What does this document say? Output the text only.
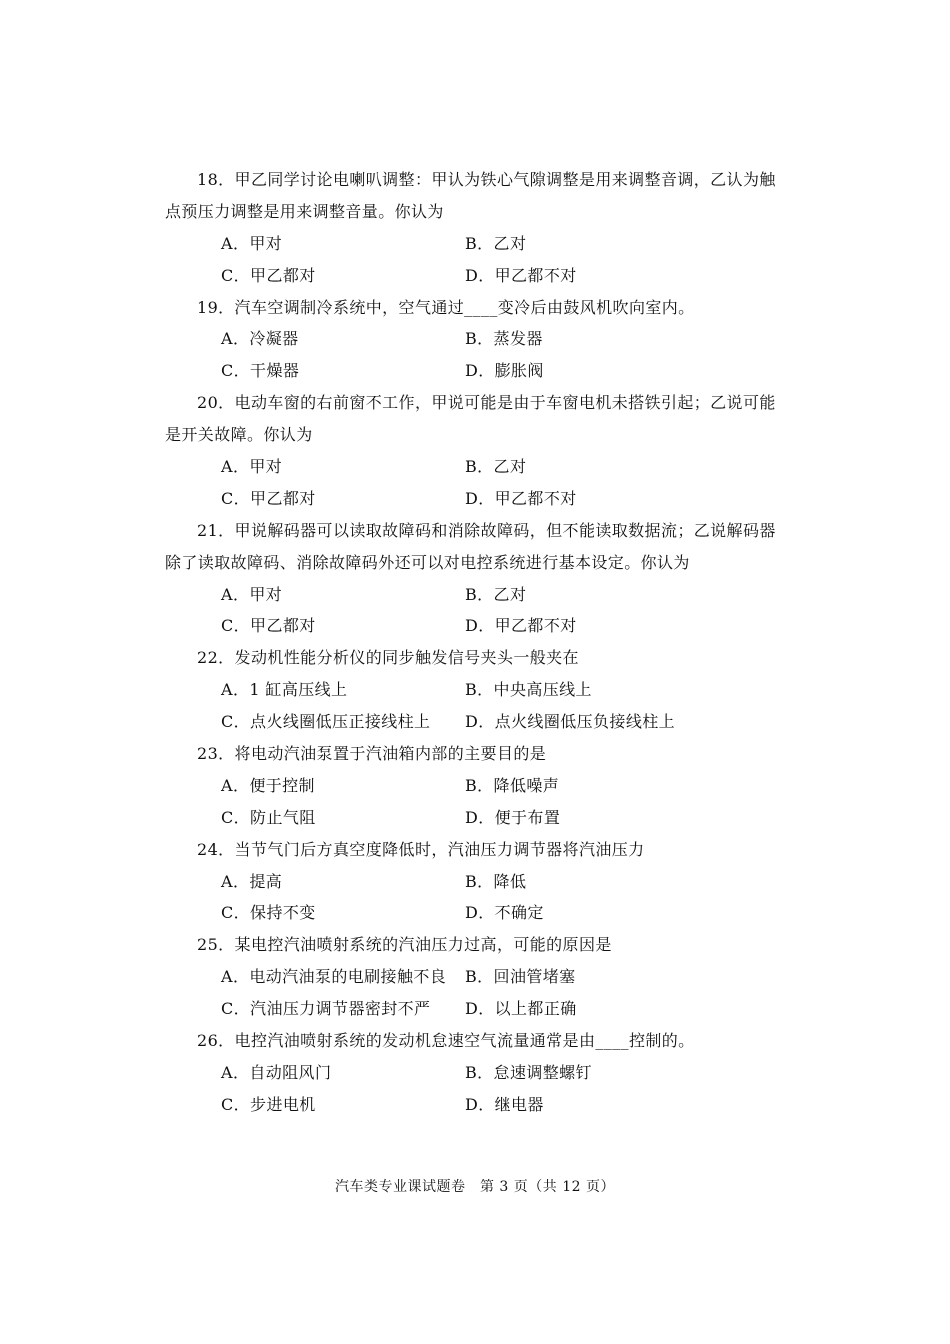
18．甲乙同学讨论电喇叭调整：甲认为铁心气隙调整是用来调整音调，乙认为触
点预压力调整是用来调整音量。你认为
A．甲对	B．乙对
C．甲乙都对	D．甲乙都不对
19．汽车空调制冷系统中，空气通过____变冷后由鼓风机吹向室内。
A．冷凝器	B．蒸发器
C．干燥器	D．膨胀阀
20．电动车窗的右前窗不工作，甲说可能是由于车窗电机未搭铁引起；乙说可能
是开关故障。你认为
A．甲对	B．乙对
C．甲乙都对	D．甲乙都不对
21．甲说解码器可以读取故障码和消除故障码，但不能读取数据流；乙说解码器
除了读取故障码、消除故障码外还可以对电控系统进行基本设定。你认为
A．甲对	B．乙对
C．甲乙都对	D．甲乙都不对
22．发动机性能分析仪的同步触发信号夹头一般夹在
A．1 缸高压线上	B．中央高压线上
C．点火线圈低压正接线柱上 D．点火线圈低压负接线柱上
23．将电动汽油泵置于汽油箱内部的主要目的是
A．便于控制	B．降低噪声
C．防止气阻	D．便于布置
24．当节气门后方真空度降低时，汽油压力调节器将汽油压力
A．提高	B．降低
C．保持不变	D．不确定
25．某电控汽油喷射系统的汽油压力过高，可能的原因是
A．电动汽油泵的电刷接触不良 B．回油管堵塞
C．汽油压力调节器密封不严 D．以上都正确
26．电控汽油喷射系统的发动机怠速空气流量通常是由____控制的。
A．自动阻风门	B．怠速调整螺钉
C．步进电机	D．继电器
汽车类专业课试题卷　第 3 页（共 12 页）
